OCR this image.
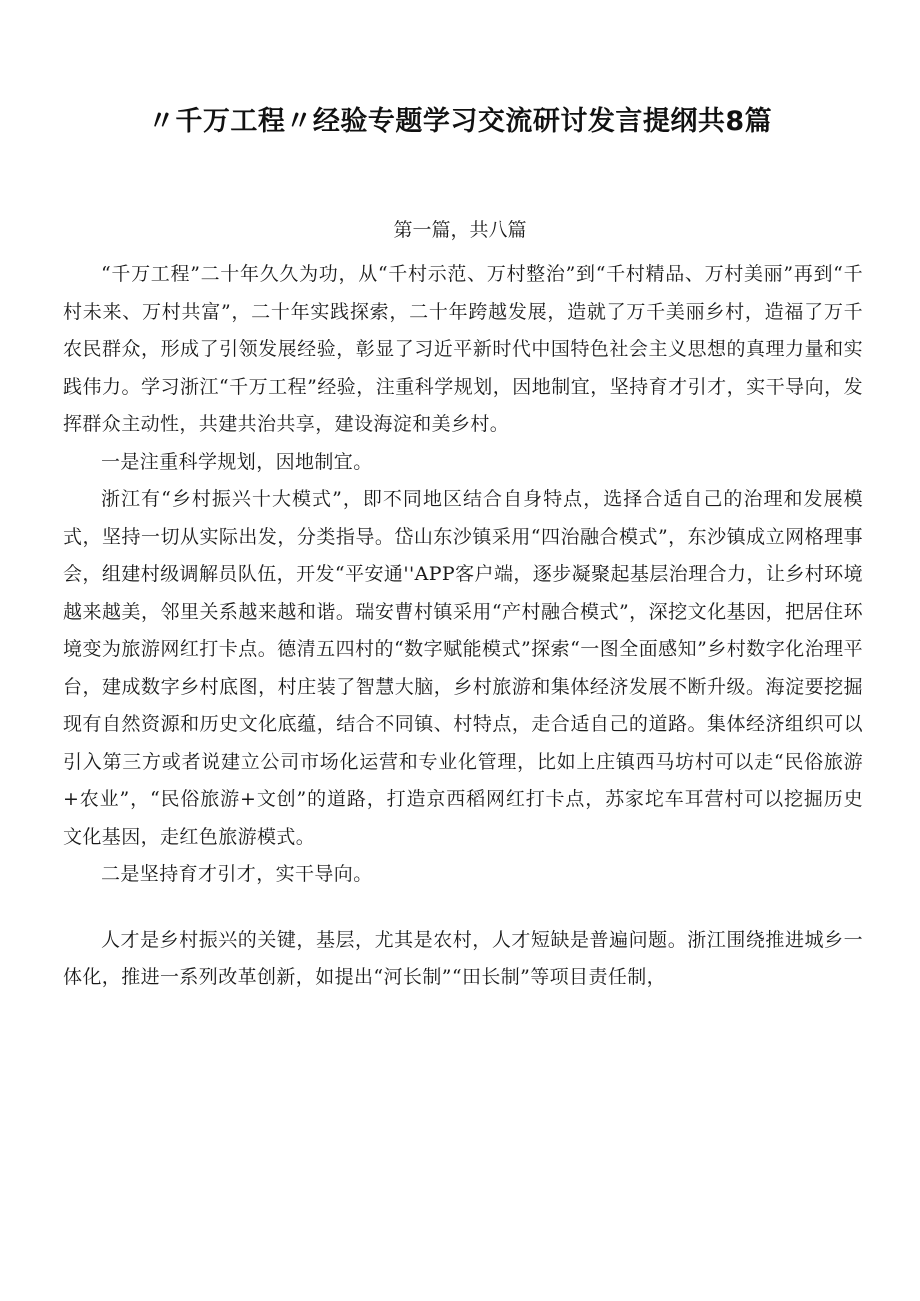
〃千万工程〃经验专题学习交流研讨发言提纲共8篇
第一篇，共八篇

“千万工程”二十年久久为功，从“千村示范、万村整治”到“千村精品、万村美丽”再到“千村未来、万村共富”，二十年实践探索，二十年跨越发展，造就了万千美丽乡村，造福了万千农民群众，形成了引领发展经验，彰显了习近平新时代中国特色社会主义思想的真理力量和实践伟力。学习浙江“千万工程”经验，注重科学规划，因地制宜，坚持育才引才，实干导向，发挥群众主动性，共建共治共享，建设海淀和美乡村。

一是注重科学规划，因地制宜。

浙江有“乡村振兴十大模式”，即不同地区结合自身特点，选择合适自己的治理和发展模式，坚持一切从实际出发，分类指导。岱山东沙镇采用“四治融合模式”，东沙镇成立网格理事会，组建村级调解员队伍，开发“平安通''APP客户端，逐步凝聚起基层治理合力，让乡村环境越来越美，邻里关系越来越和谐。瑞安曹村镇采用“产村融合模式”，深挖文化基因，把居住环境变为旅游网红打卡点。德清五四村的“数字赋能模式”探索“一图全面感知”乡村数字化治理平台，建成数字乡村底图，村庄装了智慧大脑，乡村旅游和集体经济发展不断升级。海淀要挖掘现有自然资源和历史文化底蕴，结合不同镇、村特点，走合适自己的道路。集体经济组织可以引入第三方或者说建立公司市场化运营和专业化管理，比如上庄镇西马坊村可以走“民俗旅游+农业”，“民俗旅游+文创”的道路，打造京西稻网红打卡点，苏家坨车耳营村可以挖掘历史文化基因，走红色旅游模式。

二是坚持育才引才，实干导向。

人才是乡村振兴的关键，基层，尤其是农村，人才短缺是普遍问题。浙江围绕推进城乡一体化，推进一系列改革创新，如提出“河长制”“田长制”等项目责任制，
